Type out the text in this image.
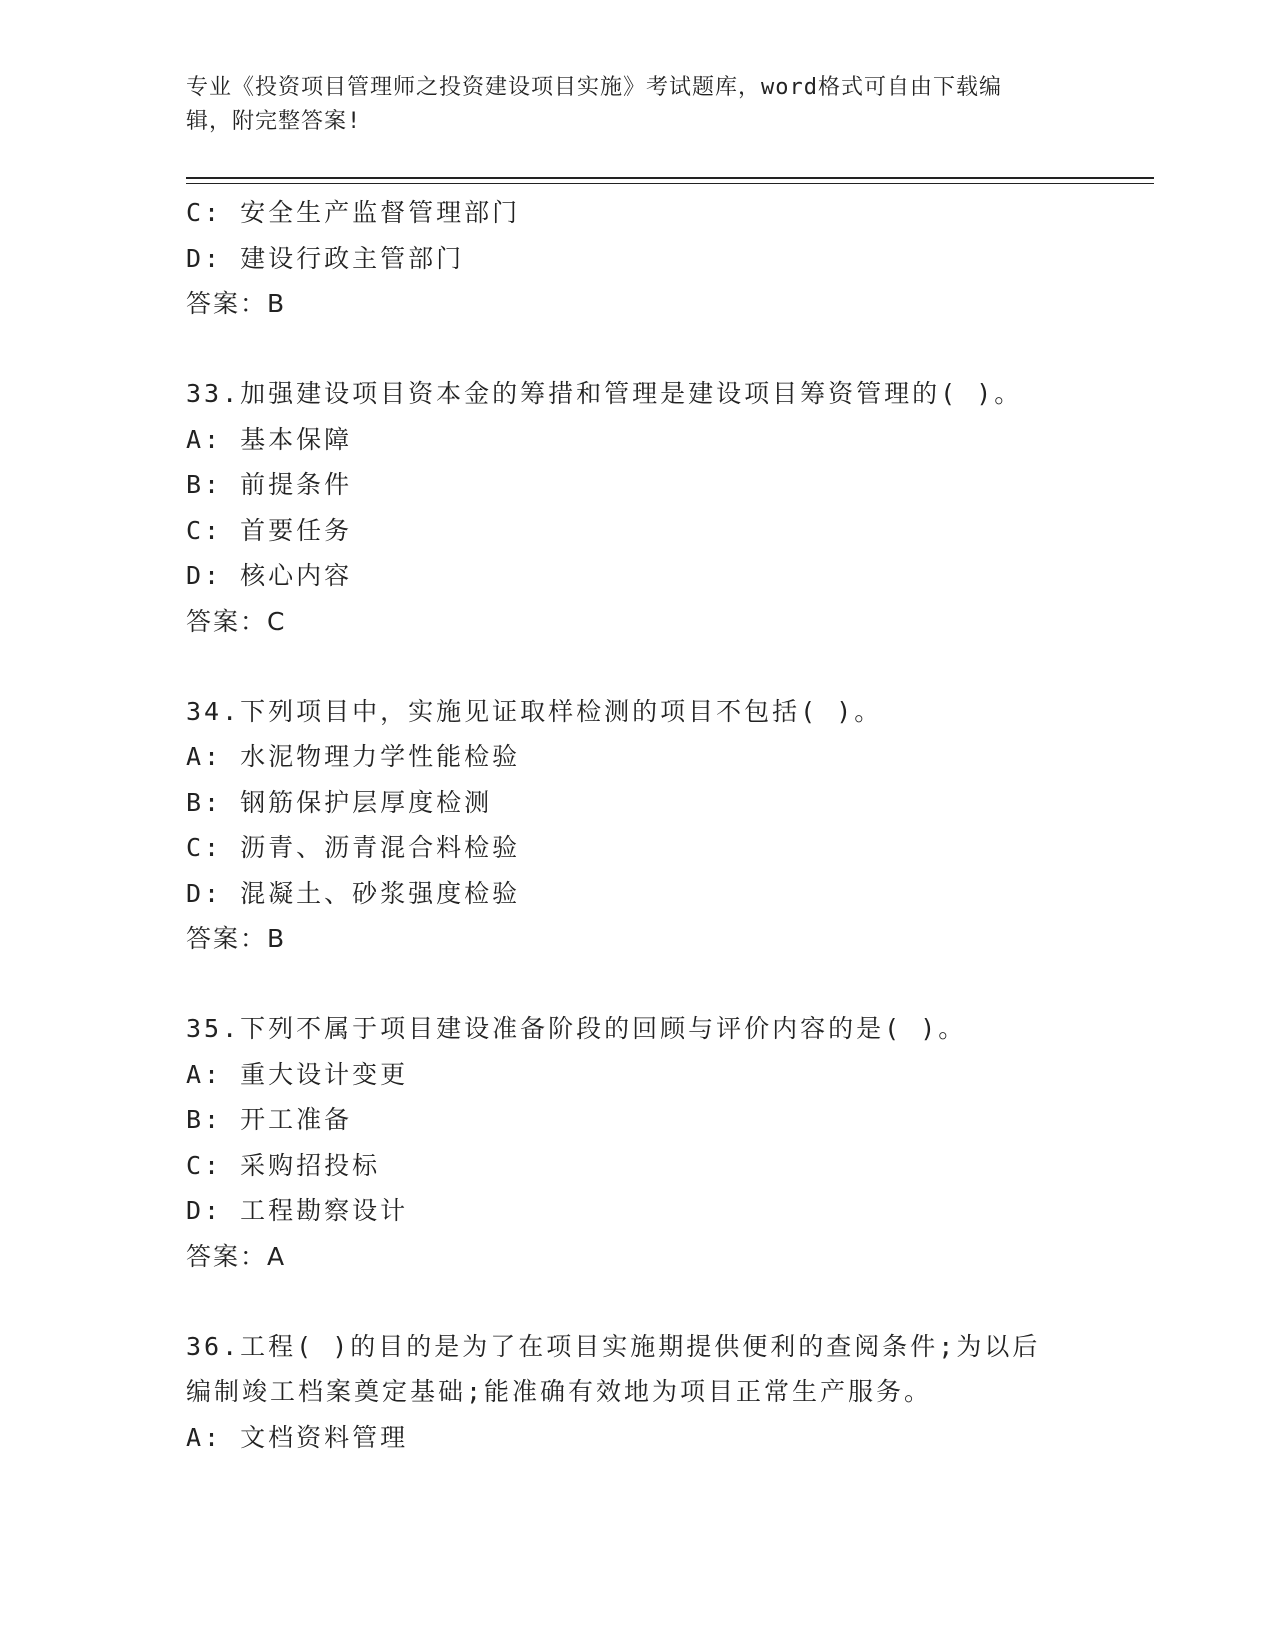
专业《投资项目管理师之投资建设项目实施》考试题库，word格式可自由下载编
辑，附完整答案!
C: 安全生产监督管理部门
D: 建设行政主管部门
答案：B
33.加强建设项目资本金的筹措和管理是建设项目筹资管理的( )。
A: 基本保障
B: 前提条件
C: 首要任务
D: 核心内容
答案：C
34.下列项目中，实施见证取样检测的项目不包括( )。
A: 水泥物理力学性能检验
B: 钢筋保护层厚度检测
C: 沥青、沥青混合料检验
D: 混凝土、砂浆强度检验
答案：B
35.下列不属于项目建设准备阶段的回顾与评价内容的是( )。
A: 重大设计变更
B: 开工准备
C: 采购招投标
D: 工程勘察设计
答案：A
36.工程( )的目的是为了在项目实施期提供便利的查阅条件;为以后
编制竣工档案奠定基础;能准确有效地为项目正常生产服务。
A: 文档资料管理
